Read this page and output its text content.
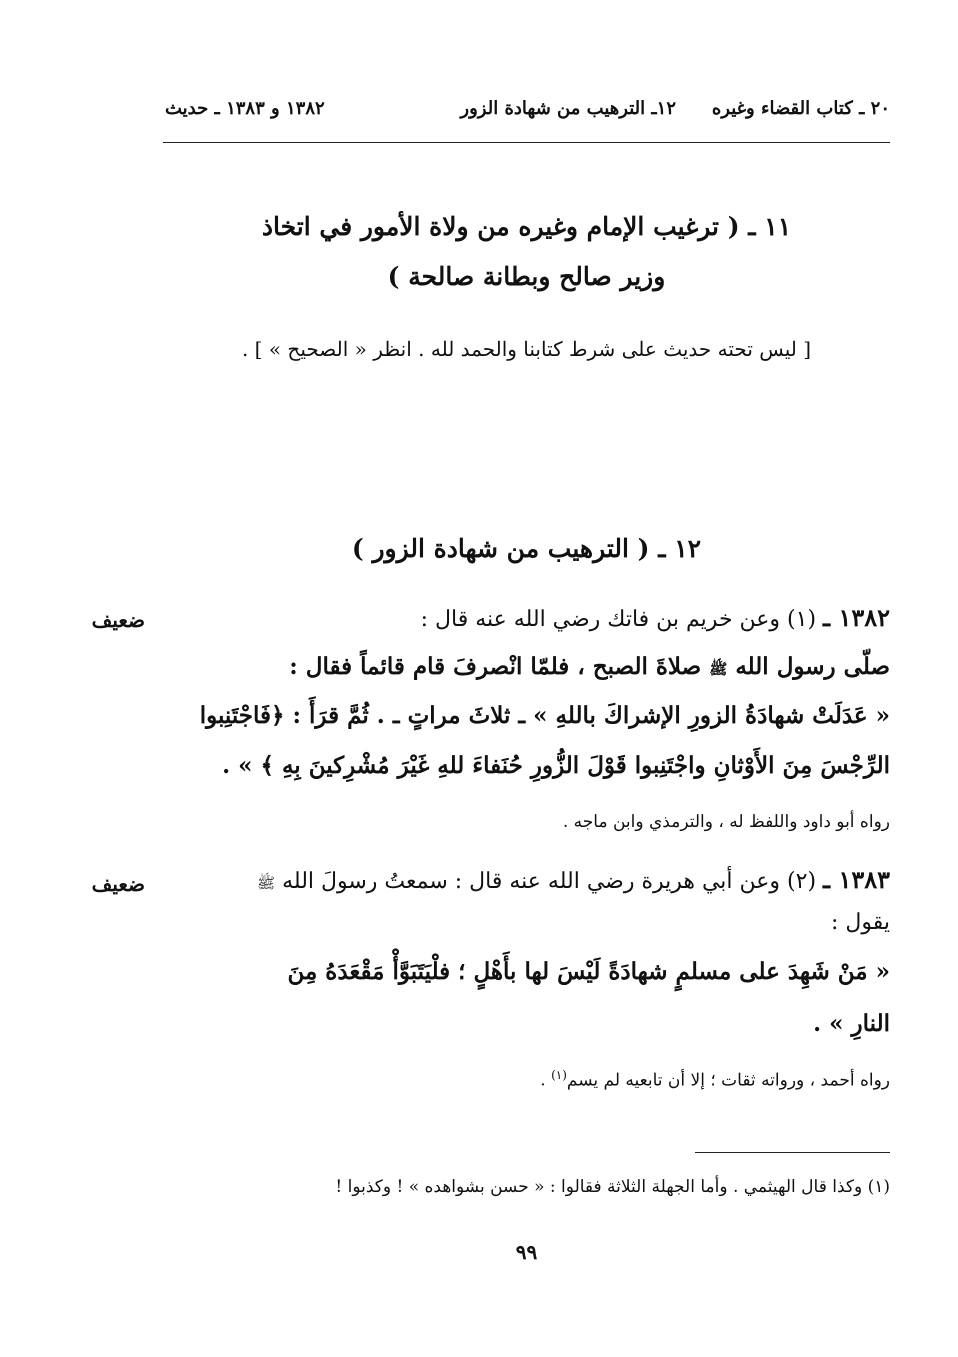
٢٠ ـ كتاب القضاء وغيره
١٢ـ الترهيب من شهادة الزور
١٣٨٢ و ١٣٨٣ ـ حديث
١١ ـ ( ترغيب الإمام وغيره من ولاة الأمور في اتخاذ
وزير صالح وبطانة صالحة )
[ ليس تحته حديث على شرط كتابنا والحمد لله . انظر « الصحيح » ] .
١٢ ـ ( الترهيب من شهادة الزور )
ضعيف	١٣٨٢ ـ (١) وعن خريم بن فاتك رضي الله عنه قال :
صلّى رسول الله ﷺ صلاةَ الصبح ، فلمّا انْصرفَ قام قائماً فقال :
« عَدَلَتْ شهادَةُ الزورِ الإشراكَ باللهِ » ـ ثلاثَ مراتٍ ـ . ثُمَّ قرَأَ : ﴿فَاجْتَنِبوا
الرِّجْسَ مِنَ الأَوْثانِ واجْتَنِبوا قَوْلَ الزُّورِ حُنَفاءَ للهِ غَيْرَ مُشْرِكينَ بِهِ ﴾ » .
رواه أبو داود واللفظ له ، والترمذي وابن ماجه .
ضعيف	١٣٨٣ ـ (٢) وعن أبي هريرة رضي الله عنه قال : سمعتُ رسولَ الله ﷺ
يقول :
« مَنْ شَهِدَ على مسلمٍ شهادَةً لَيْسَ لها بأَهْلٍ ؛ فلْيَتَبَوَّأْ مَقْعَدَهُ مِنَ
النارِ » .
رواه أحمد ، ورواته ثقات ؛ إلا أن تابعيه لم يسم$^{(١)}$ .
(١) وكذا قال الهيثمي . وأما الجهلة الثلاثة فقالوا : « حسن بشواهده » ! وكذبوا !
٩٩
